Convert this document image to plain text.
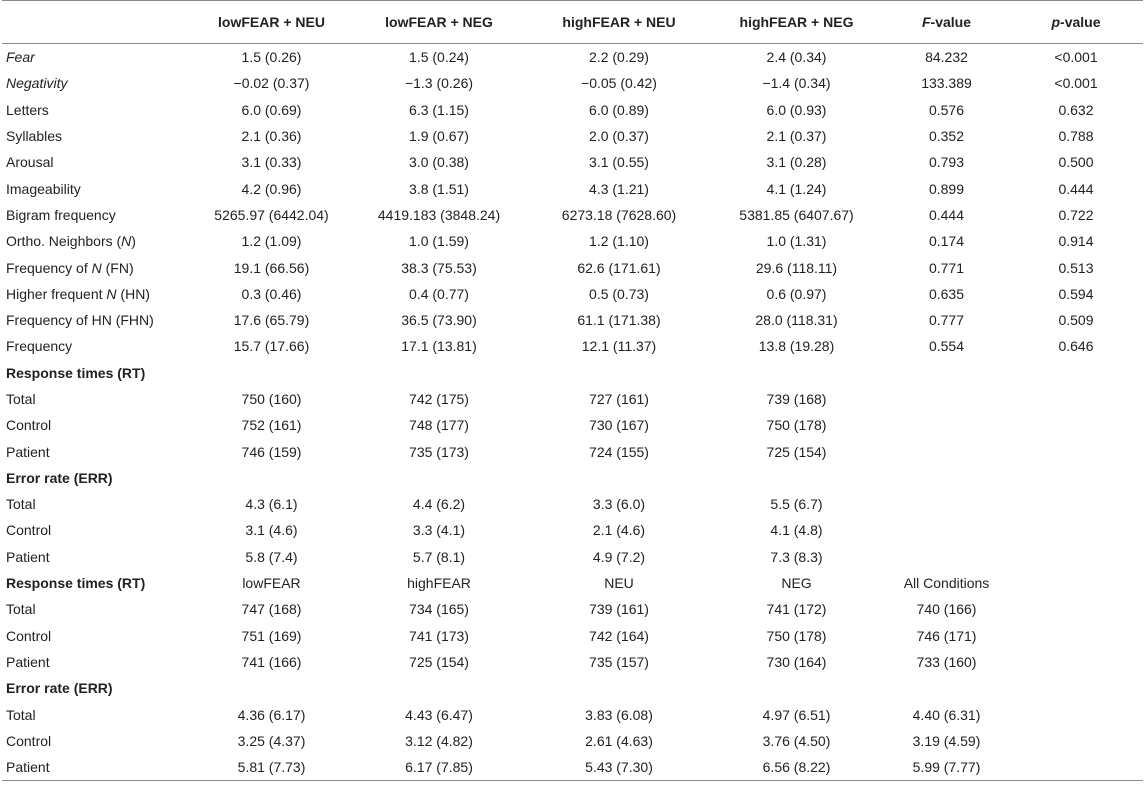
	lowFEAR + NEU	lowFEAR + NEG	highFEAR + NEU	highFEAR + NEG	F-value	p-value
Fear	1.5 (0.26)	1.5 (0.24)	2.2 (0.29)	2.4 (0.34)	84.232	<0.001
Negativity	−0.02 (0.37)	−1.3 (0.26)	−0.05 (0.42)	−1.4 (0.34)	133.389	<0.001
Letters	6.0 (0.69)	6.3 (1.15)	6.0 (0.89)	6.0 (0.93)	0.576	0.632
Syllables	2.1 (0.36)	1.9 (0.67)	2.0 (0.37)	2.1 (0.37)	0.352	0.788
Arousal	3.1 (0.33)	3.0 (0.38)	3.1 (0.55)	3.1 (0.28)	0.793	0.500
Imageability	4.2 (0.96)	3.8 (1.51)	4.3 (1.21)	4.1 (1.24)	0.899	0.444
Bigram frequency	5265.97 (6442.04)	4419.183 (3848.24)	6273.18 (7628.60)	5381.85 (6407.67)	0.444	0.722
Ortho. Neighbors (N)	1.2 (1.09)	1.0 (1.59)	1.2 (1.10)	1.0 (1.31)	0.174	0.914
Frequency of N (FN)	19.1 (66.56)	38.3 (75.53)	62.6 (171.61)	29.6 (118.11)	0.771	0.513
Higher frequent N (HN)	0.3 (0.46)	0.4 (0.77)	0.5 (0.73)	0.6 (0.97)	0.635	0.594
Frequency of HN (FHN)	17.6 (65.79)	36.5 (73.90)	61.1 (171.38)	28.0 (118.31)	0.777	0.509
Frequency	15.7 (17.66)	17.1 (13.81)	12.1 (11.37)	13.8 (19.28)	0.554	0.646
Response times (RT)						
Total	750 (160)	742 (175)	727 (161)	739 (168)		
Control	752 (161)	748 (177)	730 (167)	750 (178)		
Patient	746 (159)	735 (173)	724 (155)	725 (154)		
Error rate (ERR)						
Total	4.3 (6.1)	4.4 (6.2)	3.3 (6.0)	5.5 (6.7)		
Control	3.1 (4.6)	3.3 (4.1)	2.1 (4.6)	4.1 (4.8)		
Patient	5.8 (7.4)	5.7 (8.1)	4.9 (7.2)	7.3 (8.3)		
Response times (RT)	lowFEAR	highFEAR	NEU	NEG	All Conditions	
Total	747 (168)	734 (165)	739 (161)	741 (172)	740 (166)	
Control	751 (169)	741 (173)	742 (164)	750 (178)	746 (171)	
Patient	741 (166)	725 (154)	735 (157)	730 (164)	733 (160)	
Error rate (ERR)						
Total	4.36 (6.17)	4.43 (6.47)	3.83 (6.08)	4.97 (6.51)	4.40 (6.31)	
Control	3.25 (4.37)	3.12 (4.82)	2.61 (4.63)	3.76 (4.50)	3.19 (4.59)	
Patient	5.81 (7.73)	6.17 (7.85)	5.43 (7.30)	6.56 (8.22)	5.99 (7.77)	
